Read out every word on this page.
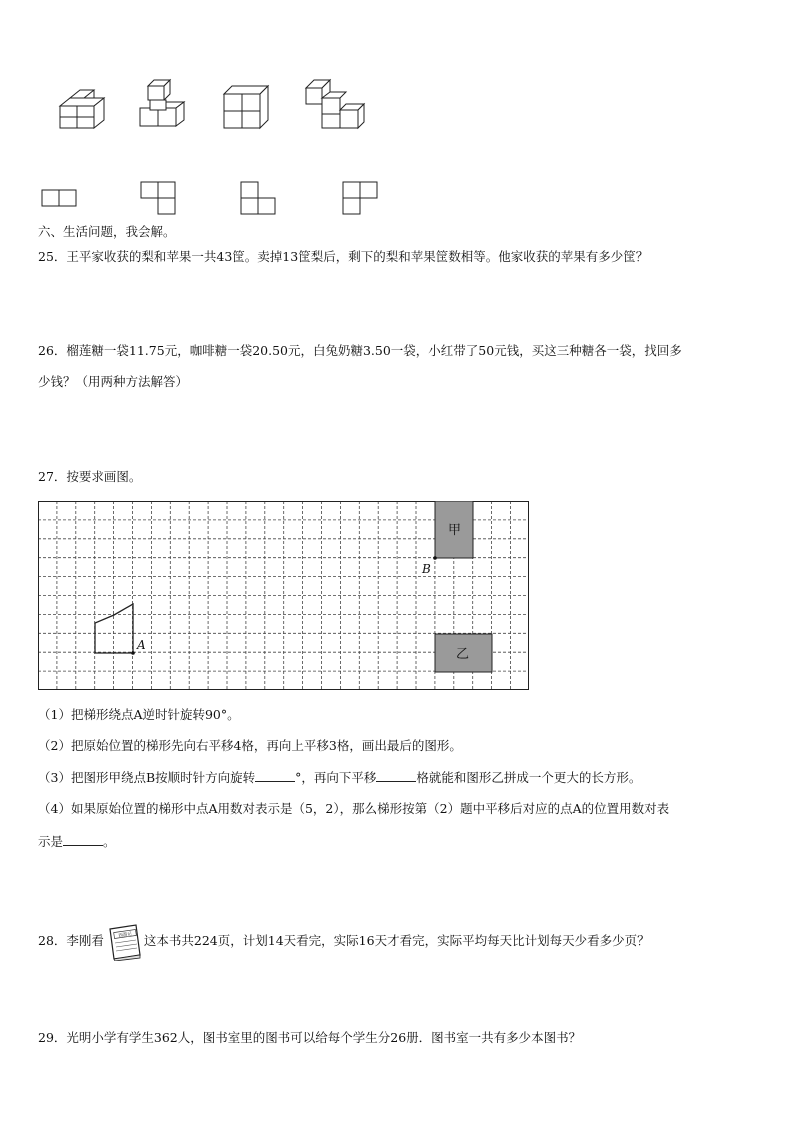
六、生活问题，我会解。
25．王平家收获的梨和苹果一共43筐。卖掉13筐梨后，剩下的梨和苹果筐数相等。他家收获的苹果有多少筐？
26．榴莲糖一袋11.75元，咖啡糖一袋20.50元，白兔奶糖3.50一袋，小红带了50元钱，买这三种糖各一袋，找回多
少钱？（用两种方法解答）
27．按要求画图。
甲
B
乙
A
（1）把梯形绕点A逆时针旋转90°。
（2）把原始位置的梯形先向右平移4格，再向上平移3格，画出最后的图形。
（3）把图形甲绕点B按顺时针方向旋转	°，再向下平移	格就能和图形乙拼成一个更大的长方形。
（4）如果原始位置的梯形中点A用数对表示是（5，2），那么梯形按第（2）题中平移后对应的点A的位置用数对表
示是	。
28．李刚看	西游记 这本书共224页，计划14天看完，实际16天才看完，实际平均每天比计划每天少看多少页？
29．光明小学有学生362人，图书室里的图书可以给每个学生分26册．图书室一共有多少本图书？
